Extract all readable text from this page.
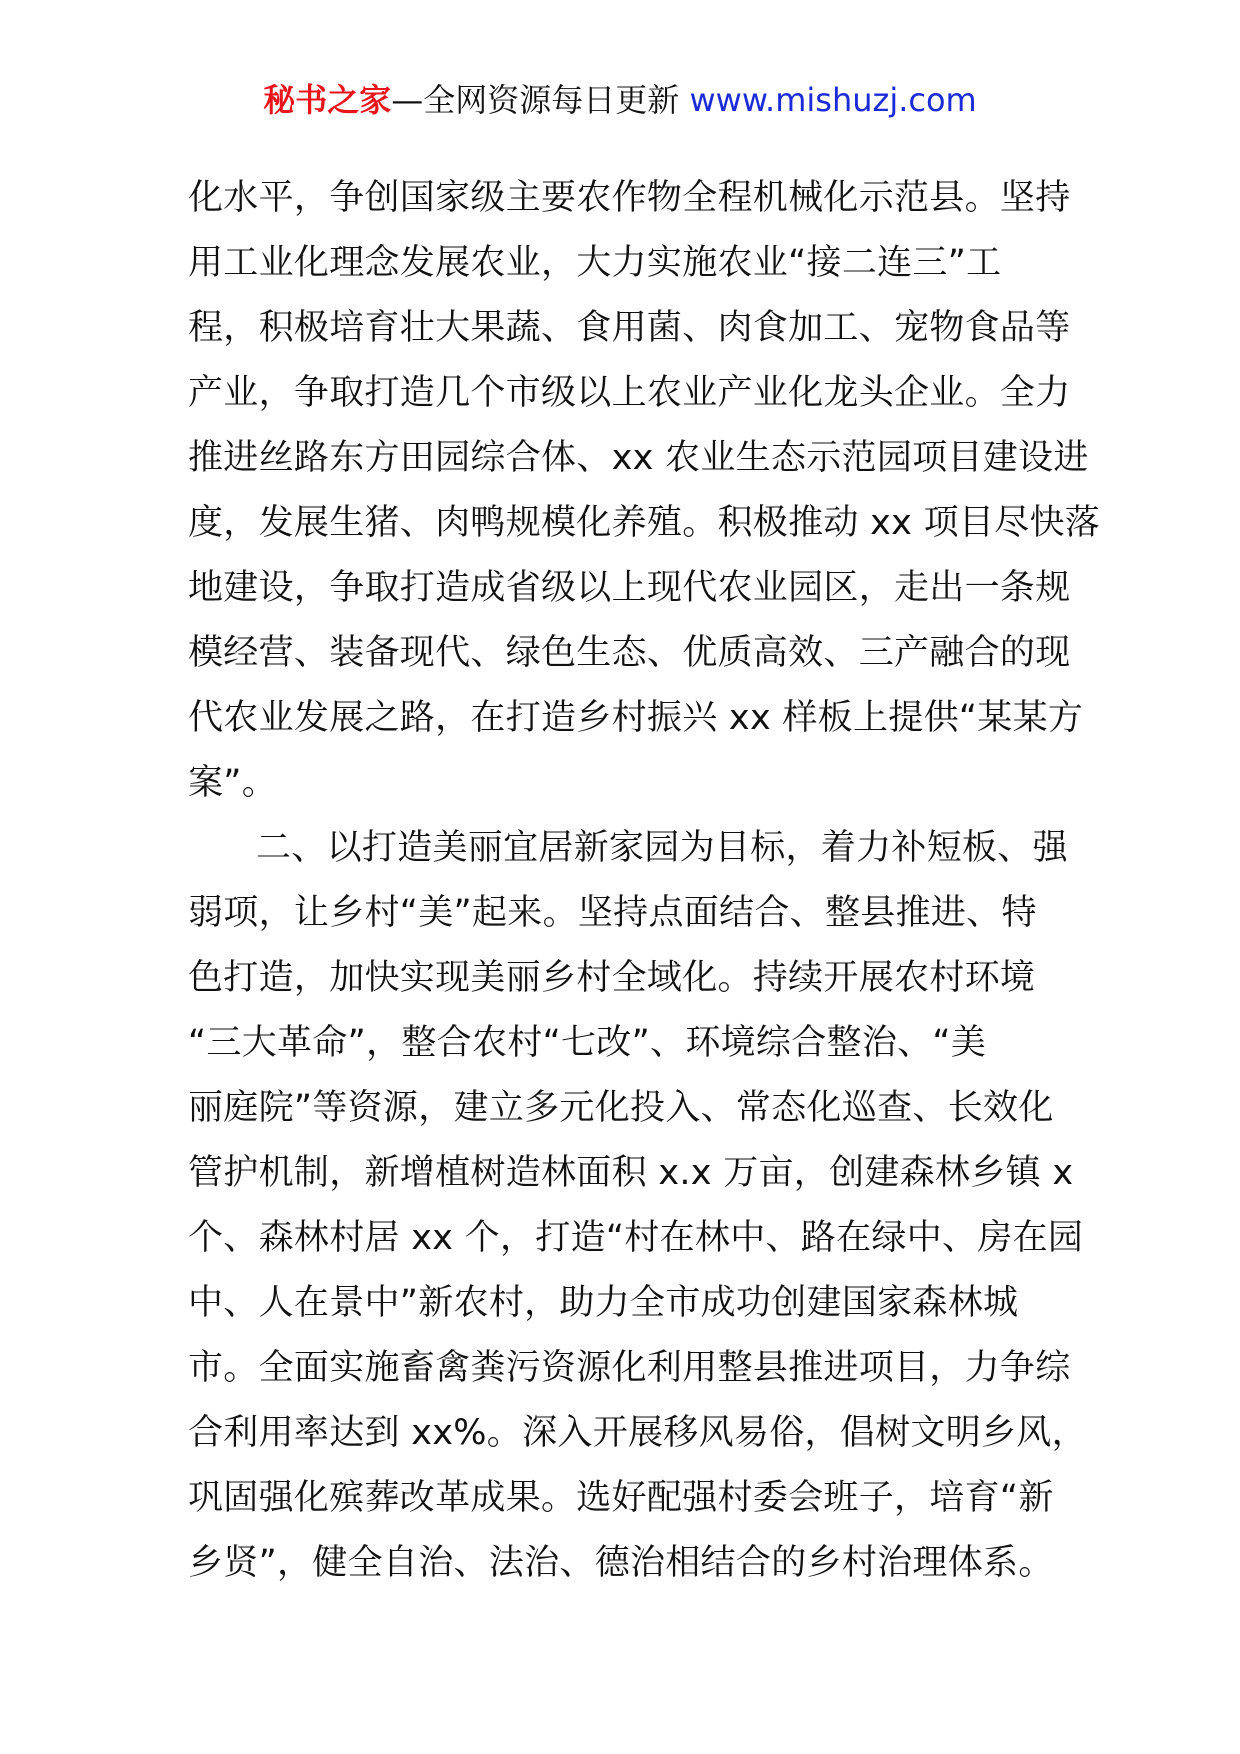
秘书之家—全网资源每日更新 www.mishuzj.com
化水平，争创国家级主要农作物全程机械化示范县。坚持
用工业化理念发展农业，大力实施农业“接二连三”工
程，积极培育壮大果蔬、食用菌、肉食加工、宠物食品等
产业，争取打造几个市级以上农业产业化龙头企业。全力
推进丝路东方田园综合体、xx 农业生态示范园项目建设进
度，发展生猪、肉鸭规模化养殖。积极推动 xx 项目尽快落
地建设，争取打造成省级以上现代农业园区，走出一条规
模经营、装备现代、绿色生态、优质高效、三产融合的现
代农业发展之路，在打造乡村振兴 xx 样板上提供“某某方
案”。
二、以打造美丽宜居新家园为目标，着力补短板、强
弱项，让乡村“美”起来。坚持点面结合、整县推进、特
色打造，加快实现美丽乡村全域化。持续开展农村环境
“三大革命”，整合农村“七改”、环境综合整治、“美
丽庭院”等资源，建立多元化投入、常态化巡查、长效化
管护机制，新增植树造林面积 x.x 万亩，创建森林乡镇 x
个、森林村居 xx 个，打造“村在林中、路在绿中、房在园
中、人在景中”新农村，助力全市成功创建国家森林城
市。全面实施畜禽粪污资源化利用整县推进项目，力争综
合利用率达到 xx%。深入开展移风易俗，倡树文明乡风，
巩固强化殡葬改革成果。选好配强村委会班子，培育“新
乡贤”，健全自治、法治、德治相结合的乡村治理体系。
